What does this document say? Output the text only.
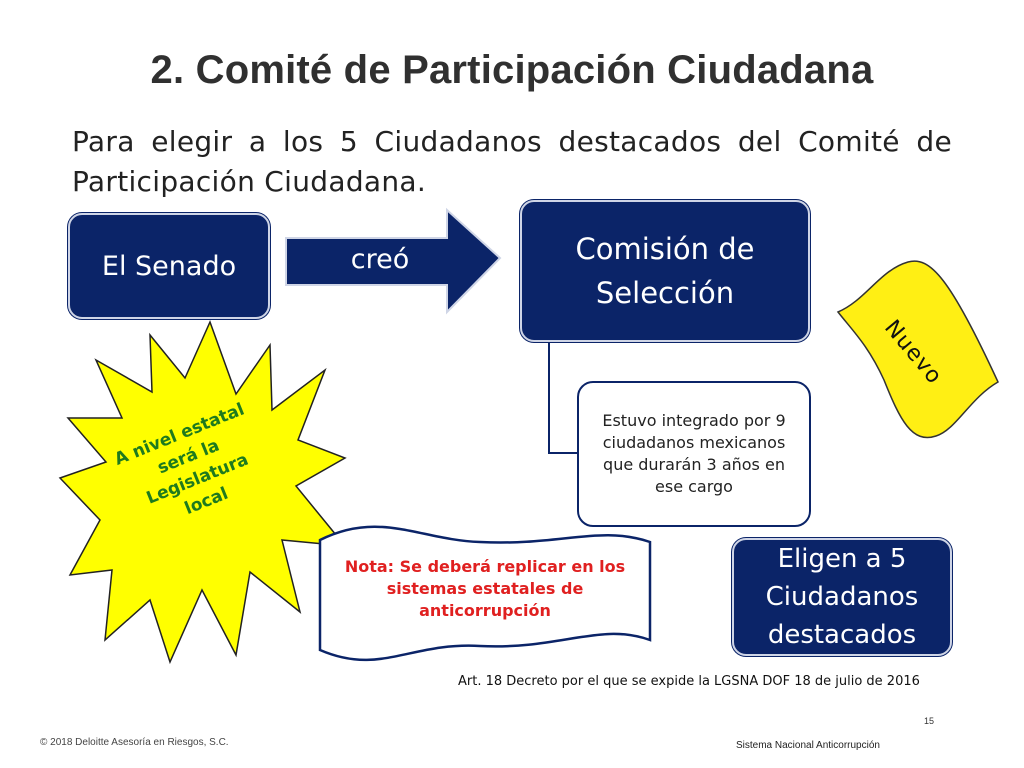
2. Comité de Participación Ciudadana
Para elegir a los 5 Ciudadanos destacados del Comité de Participación Ciudadana.
El Senado	creó	Comisión de Selección
Estuvo integrado por 9 ciudadanos mexicanos que durarán 3 años en ese cargo
Eligen a 5 Ciudadanos destacados
A nivel estatal será la Legislatura local
Nuevo
Nota: Se deberá replicar en los sistemas estatales de anticorrupción
Art. 18 Decreto por el que se expide la LGSNA DOF 18 de julio de 2016
15
© 2018 Deloitte Asesoría en Riesgos, S.C.	Sistema Nacional Anticorrupción
